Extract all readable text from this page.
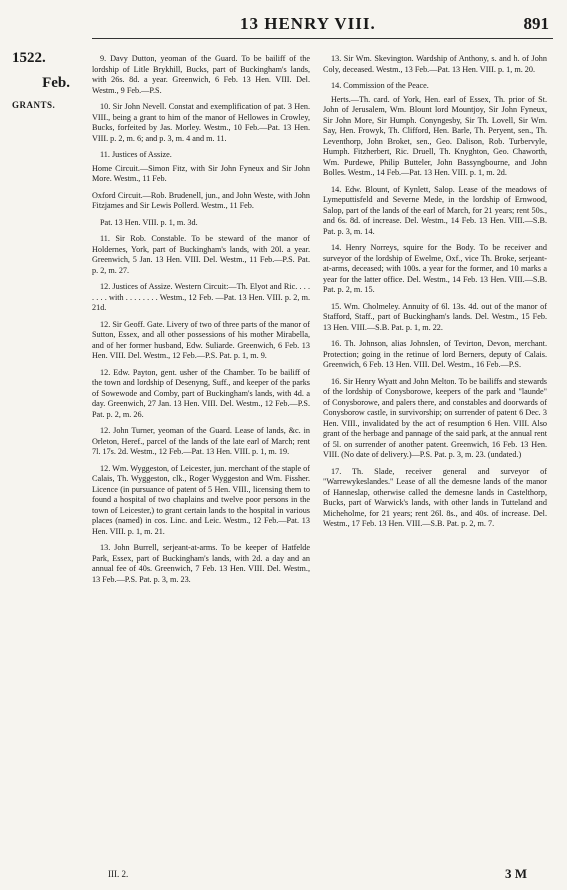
13 HENRY VIII.	891
1522.
Feb.
GRANTS.

9. Davy Dutton, yeoman of the Guard. To be bailiff of the lordship of Litle Brykhill, Bucks, part of Buckingham's lands, with 26s. 8d. a year. Greenwich, 6 Feb. 13 Hen. VIII. Del. Westm., 9 Feb.—P.S.

10. Sir John Nevell. Constat and exemplification of pat. 3 Hen. VIII., being a grant to him of the manor of Hellowes in Crowley, Bucks, forfeited by Jas. Morley. Westm., 10 Feb.—Pat. 13 Hen. VIII. p. 2, m. 6; and p. 3, m. 4 and m. 11.

11. Justices of Assize.

Home Circuit.—Simon Fitz, with Sir John Fyneux and Sir John More. Westm., 11 Feb.

Oxford Circuit.—Rob. Brudenell, jun., and John Weste, with John Fitzjames and Sir Lewis Pollerd. Westm., 11 Feb.

Pat. 13 Hen. VIII. p. 1, m. 3d.

11. Sir Rob. Constable. To be steward of the manor of Holdernes, York, part of Buckingham's lands, with 20l. a year. Greenwich, 5 Jan. 13 Hen. VIII. Del. Westm., 11 Feb.—P.S. Pat. p. 2, m. 27.

12. Justices of Assize. Western Circuit:—Th. Elyot and Ric. . . . . . . . with . . . . . . . . Westm., 12 Feb. —Pat. 13 Hen. VIII. p. 2, m. 21d.

12. Sir Geoff. Gate. Livery of two of three parts of the manor of Sutton, Essex, and all other possessions of his mother Mirabella, and of her former husband, Edw. Suliarde. Greenwich, 6 Feb. 13 Hen. VIII. Del. Westm., 12 Feb.—P.S. Pat. p. 1, m. 9.

12. Edw. Payton, gent. usher of the Chamber. To be bailiff of the town and lordship of Desenyng, Suff., and keeper of the parks of Sowewode and Comby, part of Buckingham's lands, with 4d. a day. Greenwich, 27 Jan. 13 Hen. VIII. Del. Westm., 12 Feb.—P.S. Pat. p. 2, m. 26.

12. John Turner, yeoman of the Guard. Lease of lands, &c. in Orleton, Heref., parcel of the lands of the late earl of March; rent 7l. 17s. 2d. Westm., 12 Feb.—Pat. 13 Hen. VIII. p. 1, m. 19.

12. Wm. Wyggeston, of Leicester, jun. merchant of the staple of Calais, Th. Wyggeston, clk., Roger Wyggeston and Wm. Fissher. Licence (in pursuance of patent of 5 Hen. VIII., licensing them to found a hospital of two chaplains and twelve poor persons in the town of Leicester,) to grant certain lands to the hospital in various places (named) in cos. Linc. and Leic. Westm., 12 Feb.—Pat. 13 Hen. VIII. p. 1, m. 21.

13. John Burrell, serjeant-at-arms. To be keeper of Hatfelde Park, Essex, part of Buckingham's lands, with 2d. a day and an annual fee of 40s. Greenwich, 7 Feb. 13 Hen. VIII. Del. Westm., 13 Feb.—P.S. Pat. p. 3, m. 23.

13. Sir Wm. Skevington. Wardship of Anthony, s. and h. of John Coly, deceased. Westm., 13 Feb.—Pat. 13 Hen. VIII. p. 1, m. 20.

14. Commission of the Peace.

Herts.—Th. card. of York, Hen. earl of Essex, Th. prior of St. John of Jerusalem, Wm. Blount lord Mountjoy, Sir John Fyneux, Sir John More, Sir Humph. Conyngesby, Sir Th. Lovell, Sir Wm. Say, Hen. Frowyk, Th. Clifford, Hen. Barle, Th. Peryent, sen., Th. Leventhorp, John Broket, sen., Geo. Dalison, Rob. Turbervyle, Humph. Fitzherbert, Ric. Druell, Th. Knyghton, Geo. Chaworth, Wm. Purdewe, Philip Butteler, John Bassyngbourne, and John Bolles. Westm., 14 Feb.—Pat. 13 Hen. VIII. p. 1, m. 2d.

14. Edw. Blount, of Kynlett, Salop. Lease of the meadows of Lymeputtisfeld and Severne Mede, in the lordship of Ernwood, Salop, part of the lands of the earl of March, for 21 years; rent 50s., and 6s. 8d. of increase. Del. Westm., 14 Feb. 13 Hen. VIII.—S.B. Pat. p. 3, m. 14.

14. Henry Norreys, squire for the Body. To be receiver and surveyor of the lordship of Ewelme, Oxf., vice Th. Broke, serjeant-at-arms, deceased; with 100s. a year for the former, and 10 marks a year for the latter office. Del. Westm., 14 Feb. 13 Hen. VIII.—S.B. Pat. p. 2, m. 15.

15. Wm. Cholmeley. Annuity of 6l. 13s. 4d. out of the manor of Stafford, Staff., part of Buckingham's lands. Del. Westm., 15 Feb. 13 Hen. VIII.—S.B. Pat. p. 1, m. 22.

16. Th. Johnson, alias Johnslen, of Tevirton, Devon, merchant. Protection; going in the retinue of lord Berners, deputy of Calais. Greenwich, 6 Feb. 13 Hen. VIII. Del. Westm., 16 Feb.—P.S.

16. Sir Henry Wyatt and John Melton. To be bailiffs and stewards of the lordship of Conysborowe, keepers of the park and "launde" of Conysborowe, and palers there, and constables and doorwards of Conysborow castle, in survivorship; on surrender of patent 6 Dec. 3 Hen. VIII., invalidated by the act of resumption 6 Hen. VIII. Also grant of the herbage and pannage of the said park, at the annual rent of 5l. on surrender of another patent. Greenwich, 16 Feb. 13 Hen. VIII. (No date of delivery.)—P.S. Pat. p. 3, m. 23. (undated.)

17. Th. Slade, receiver general and surveyor of "Warrewykeslandes." Lease of all the demesne lands of the manor of Hanneslap, otherwise called the demesne lands in Castelthorp, Bucks, part of Warwick's lands, with other lands in Tutteland and Micheholme, for 21 years; rent 26l. 8s., and 40s. of increase. Del. Westm., 17 Feb. 13 Hen. VIII.—S.B. Pat. p. 2, m. 7.

III. 2.	3 M
